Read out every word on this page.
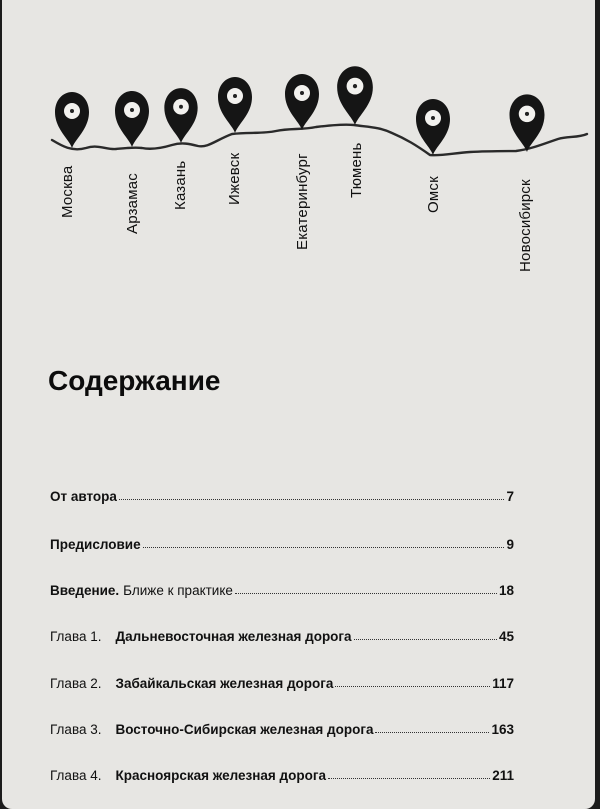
Москва	Арзамас Казань Ижевск	Екатеринбург Тюмень	Омск	Новосибирск
Содержание
От автора	7
Предисловие	9
Введение. Ближе к практике	18
Глава 1. Дальневосточная железная дорога	45
Глава 2. Забайкальская железная дорога	117
Глава 3. Восточно-Сибирская железная дорога	163
Глава 4. Красноярская железная дорога	211
